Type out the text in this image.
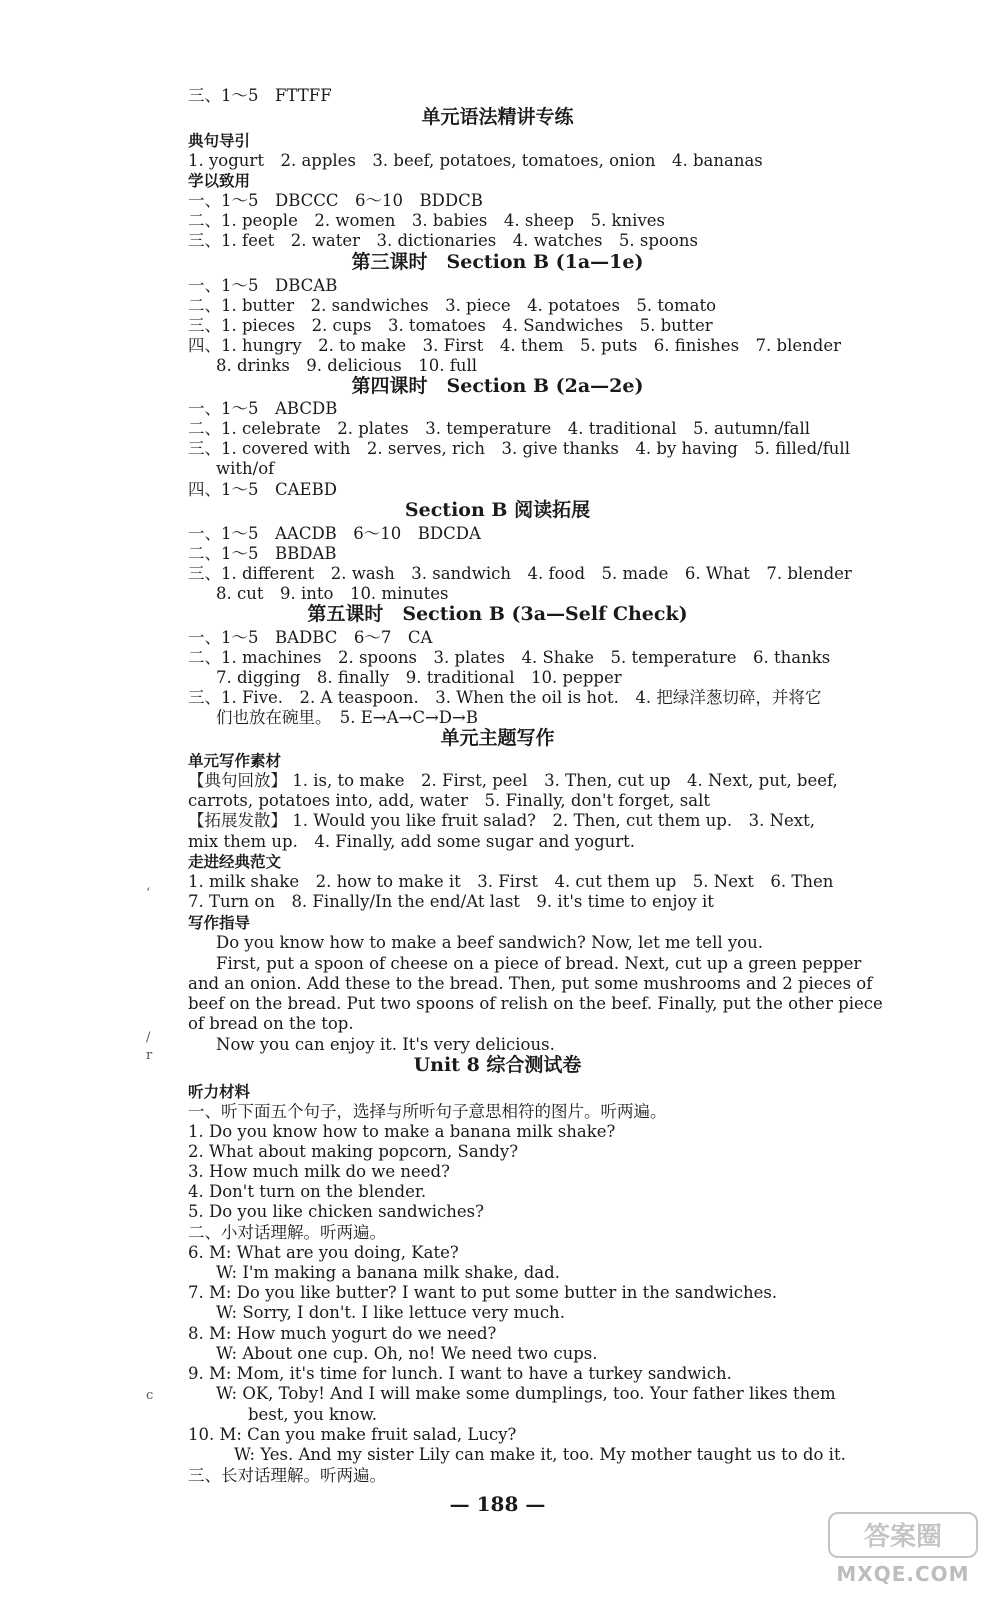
三、1～5　FTTFF
单元语法精讲专练
典句导引
1. yogurt　2. apples　3. beef, potatoes, tomatoes, onion　4. bananas
学以致用
一、1～5　DBCCC　6～10　BDDCB
二、1. people　2. women　3. babies　4. sheep　5. knives
三、1. feet　2. water　3. dictionaries　4. watches　5. spoons
第三课时　Section B (1a—1e)
一、1～5　DBCAB
二、1. butter　2. sandwiches　3. piece　4. potatoes　5. tomato
三、1. pieces　2. cups　3. tomatoes　4. Sandwiches　5. butter
四、1. hungry　2. to make　3. First　4. them　5. puts　6. finishes　7. blender
8. drinks　9. delicious　10. full
第四课时　Section B (2a—2e)
一、1～5　ABCDB
二、1. celebrate　2. plates　3. temperature　4. traditional　5. autumn/fall
三、1. covered with　2. serves, rich　3. give thanks　4. by having　5. filled/full
with/of
四、1～5　CAEBD
Section B 阅读拓展
一、1～5　AACDB　6～10　BDCDA
二、1～5　BBDAB
三、1. different　2. wash　3. sandwich　4. food　5. made　6. What　7. blender
8. cut　9. into　10. minutes
第五课时　Section B (3a—Self Check)
一、1～5　BADBC　6～7　CA
二、1. machines　2. spoons　3. plates　4. Shake　5. temperature　6. thanks
7. digging　8. finally　9. traditional　10. pepper
三、1. Five.　2. A teaspoon.　3. When the oil is hot.　4. 把绿洋葱切碎，并将它
们也放在碗里。　5. E→A→C→D→B
单元主题写作
单元写作素材
【典句回放】 1. is, to make　2. First, peel　3. Then, cut up　4. Next, put, beef,
carrots, potatoes into, add, water　5. Finally, don't forget, salt
【拓展发散】 1. Would you like fruit salad?　2. Then, cut them up.　3. Next,
mix them up.　4. Finally, add some sugar and yogurt.
走进经典范文
1. milk shake　2. how to make it　3. First　4. cut them up　5. Next　6. Then
7. Turn on　8. Finally/In the end/At last　9. it's time to enjoy it
写作指导
Do you know how to make a beef sandwich? Now, let me tell you.
First, put a spoon of cheese on a piece of bread. Next, cut up a green pepper
and an onion. Add these to the bread. Then, put some mushrooms and 2 pieces of
beef on the bread. Put two spoons of relish on the beef. Finally, put the other piece
of bread on the top.
Now you can enjoy it. It's very delicious.
Unit 8 综合测试卷
听力材料
一、听下面五个句子，选择与所听句子意思相符的图片。听两遍。
1. Do you know how to make a banana milk shake?
2. What about making popcorn, Sandy?
3. How much milk do we need?
4. Don't turn on the blender.
5. Do you like chicken sandwiches?
二、小对话理解。听两遍。
6. M: What are you doing, Kate?
W: I'm making a banana milk shake, dad.
7. M: Do you like butter? I want to put some butter in the sandwiches.
W: Sorry, I don't. I like lettuce very much.
8. M: How much yogurt do we need?
W: About one cup. Oh, no! We need two cups.
9. M: Mom, it's time for lunch. I want to have a turkey sandwich.
W: OK, Toby! And I will make some dumplings, too. Your father likes them
best, you know.
10. M: Can you make fruit salad, Lucy?
W: Yes. And my sister Lily can make it, too. My mother taught us to do it.
三、长对话理解。听两遍。
— 188 —
ʻ
/
r
c
答案圈
MXQE.COM
